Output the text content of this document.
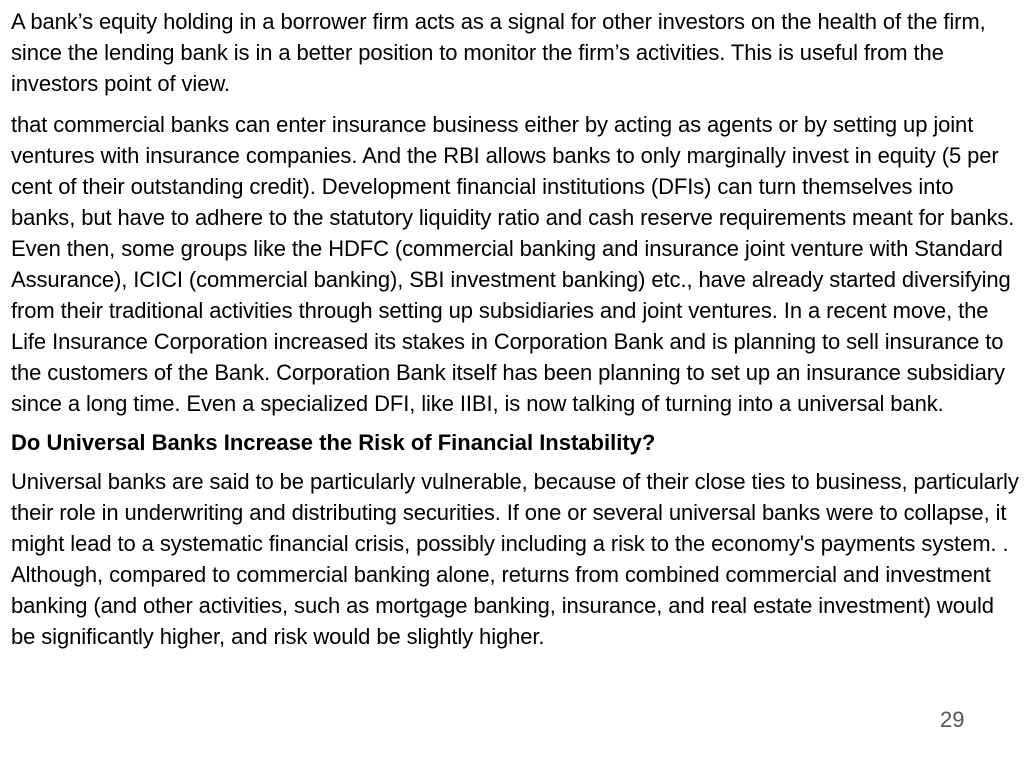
A bank’s equity holding in a borrower firm acts as a signal for other investors on the health of the firm, since the lending bank is in a better position to monitor the firm’s activities. This is useful from the investors point of view.

that commercial banks can enter insurance business either by acting as agents or by setting up joint ventures with insurance companies. And the RBI allows banks to only marginally invest in equity (5 per cent of their outstanding credit). Development financial institutions (DFIs) can turn themselves into banks, but have to adhere to the statutory liquidity ratio and cash reserve requirements meant for banks. Even then, some groups like the HDFC (commercial banking and insurance joint venture with Standard Assurance), ICICI (commercial banking), SBI investment banking) etc., have already started diversifying from their traditional activities through setting up subsidiaries and joint ventures. In a recent move, the Life Insurance Corporation increased its stakes in Corporation Bank and is planning to sell insurance to the customers of the Bank. Corporation Bank itself has been planning to set up an insurance subsidiary since a long time. Even a specialized DFI, like IIBI, is now talking of turning into a universal bank.

Do Universal Banks Increase the Risk of Financial Instability?

Universal banks are said to be particularly vulnerable, because of their close ties to business, particularly their role in underwriting and distributing securities. If one or several universal banks were to collapse, it might lead to a systematic financial crisis, possibly including a risk to the economy's payments system. . Although, compared to commercial banking alone, returns from combined commercial and investment banking (and other activities, such as mortgage banking, insurance, and real estate investment) would be significantly higher, and risk would be slightly higher.

29
